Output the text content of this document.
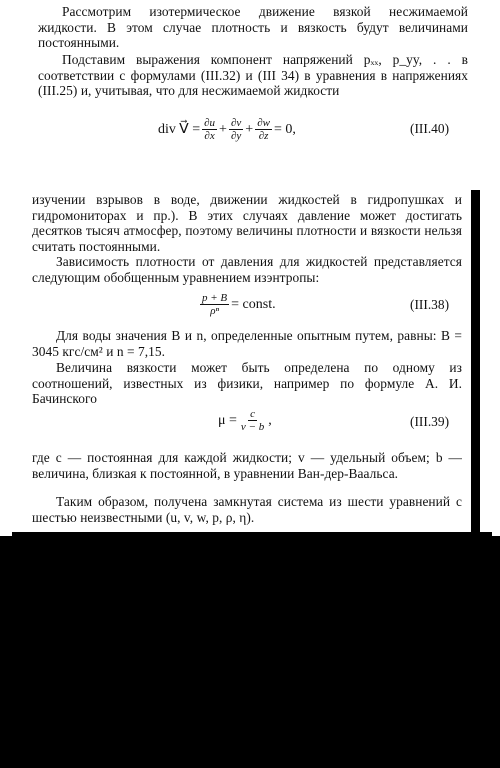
Рассмотрим изотермическое движение вязкой несжимаемой жидкости. В этом случае плотность и вязкость будут величинами постоянными.

Подставим выражения компонент напряжений pₓₓ, p_yy, . . в соответствии с формулами (III.32) и (III 34) в уравнения в напряжениях (III.25) и, учитывая, что для несжимаемой жидкости

div V⃗ = $\frac{\partial u}{\partial x} + \frac{\partial v}{\partial y} + \frac{\partial w}{\partial z} = 0$,	(III.40)

изучении взрывов в воде, движении жидкостей в гидропушках и гидромониторах и пр.). В этих случаях давление может достигать десятков тысяч атмосфер, поэтому величины плотности и вязкости нельзя считать постоянными.

Зависимость плотности от давления для жидкостей представляется следующим обобщенным уравнением изэнтропы:

$\frac{p + B}{\text{ρⁿ}}$ = const.	(III.38)

Для воды значения B и n, определенные опытным путем, равны: B = 3045 кгс/см² и n = 7,15.

Величина вязкости может быть определена по одному из соотношений, известных из физики, например по формуле А. И. Бачинского

$\mu = \frac{c}{v - b}$ ,	(III.39)

где c — постоянная для каждой жидкости; v — удельный объем; b — величина, близкая к постоянной, в уравнении Ван-дер-Ваальса.

Таким образом, получена замкнутая система из шести уравнений с шестью неизвестными (u, v, w, p, ρ, η).
